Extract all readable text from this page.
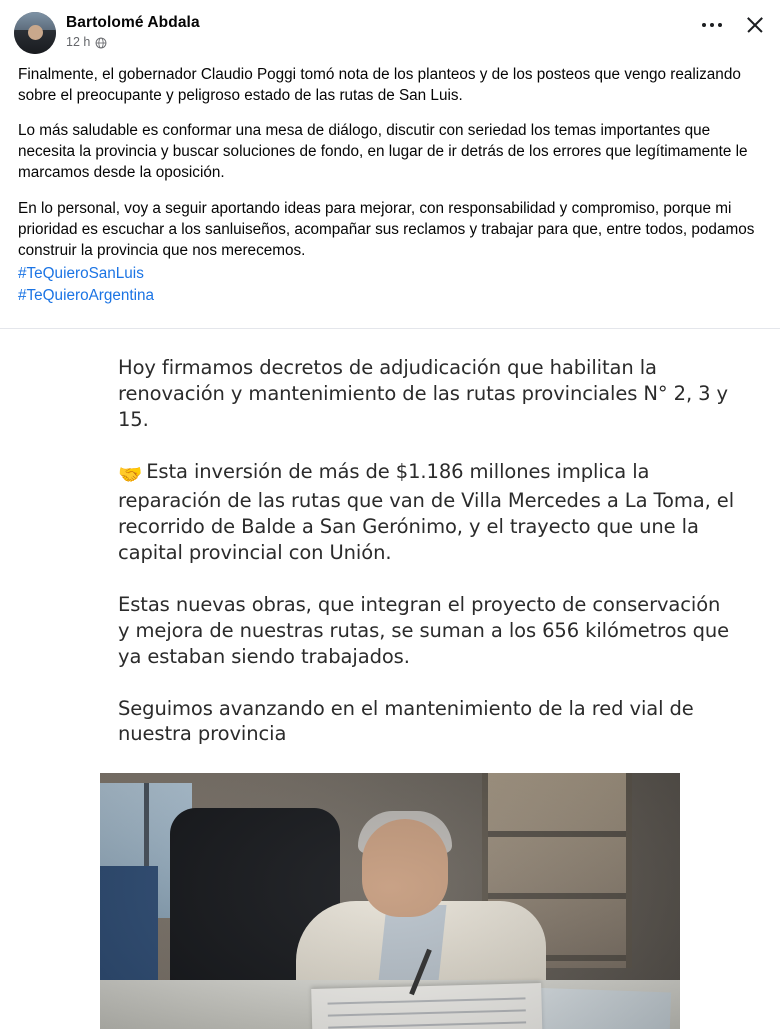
Bartolomé Abdala
12 h

Finalmente, el gobernador Claudio Poggi tomó nota de los planteos y de los posteos que vengo realizando sobre el preocupante y peligroso estado de las rutas de San Luis.

Lo más saludable es conformar una mesa de diálogo, discutir con seriedad los temas importantes que necesita la provincia y buscar soluciones de fondo, en lugar de ir detrás de los errores que legítimamente le marcamos desde la oposición.

En lo personal, voy a seguir aportando ideas para mejorar, con responsabilidad y compromiso, porque mi prioridad es escuchar a los sanluiseños, acompañar sus reclamos y trabajar para que, entre todos, podamos construir la provincia que nos merecemos.

#TeQuieroSanLuis
#TeQuieroArgentina

Hoy firmamos decretos de adjudicación que habilitan la renovación y mantenimiento de las rutas provinciales N° 2, 3 y 15.

🤝 Esta inversión de más de $1.186 millones implica la reparación de las rutas que van de Villa Mercedes a La Toma, el recorrido de Balde a San Gerónimo, y el trayecto que une la capital provincial con Unión.

Estas nuevas obras, que integran el proyecto de conservación y mejora de nuestras rutas, se suman a los 656 kilómetros que ya estaban siendo trabajados.

Seguimos avanzando en el mantenimiento de la red vial de nuestra provincia
